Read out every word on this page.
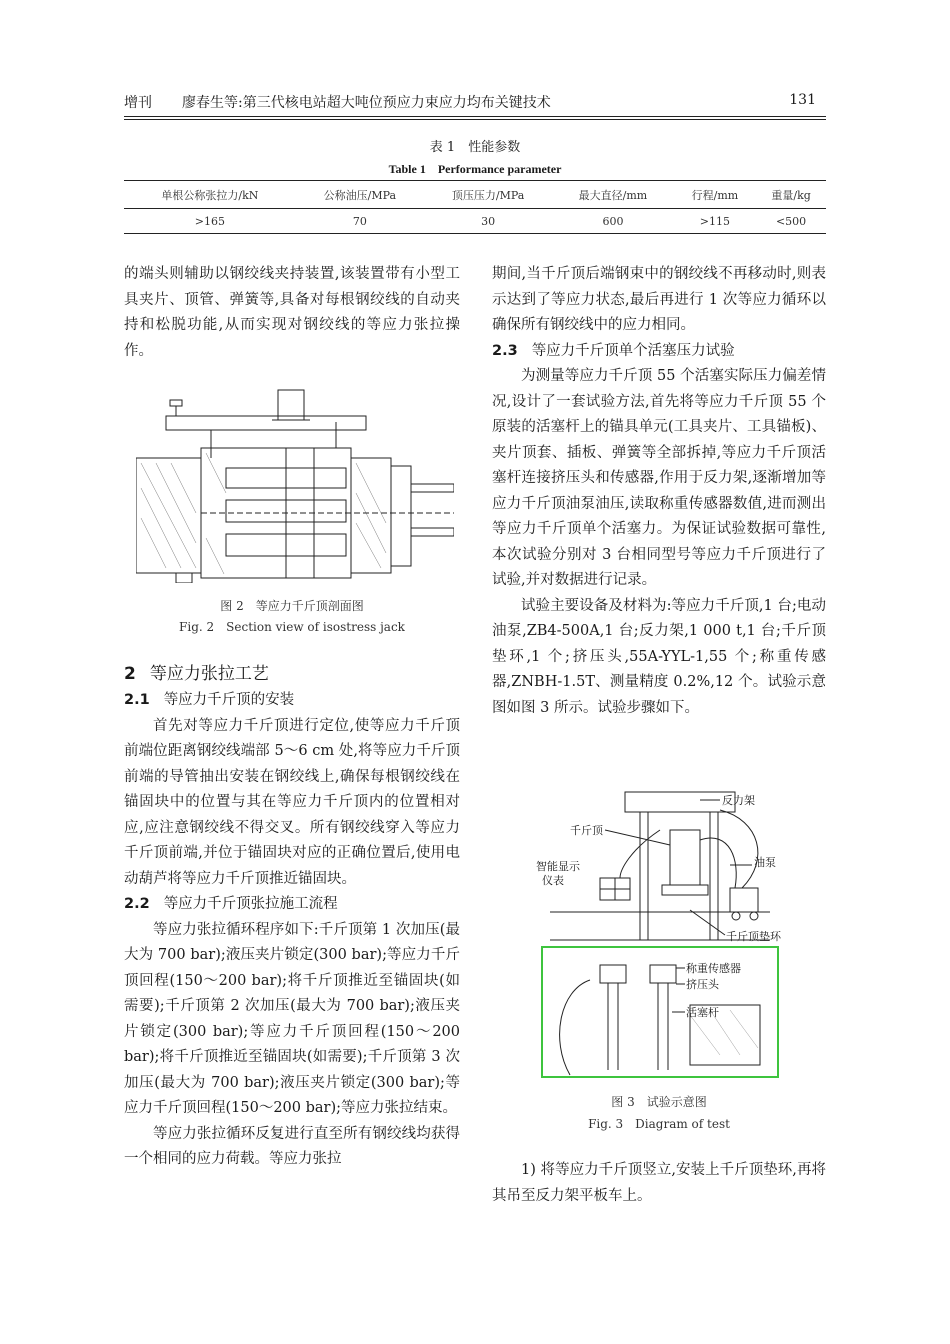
增刊 廖春生等:第三代核电站超大吨位预应力束应力均布关键技术	131
表 1　性能参数
Table 1　Performance parameter
单根公称张拉力/kN	公称油压/MPa	顶压压力/MPa	最大直径/mm	行程/mm	重量/kg
>165	70	30	600	>115	<500

的端头则辅助以钢绞线夹持装置,该装置带有小型工具夹片、顶管、弹簧等,具备对每根钢绞线的自动夹持和松脱功能,从而实现对钢绞线的等应力张拉操作。

图 2　等应力千斤顶剖面图
Fig. 2　Section view of isostress jack

2 等应力张拉工艺

2.1 等应力千斤顶的安装

首先对等应力千斤顶进行定位,使等应力千斤顶前端位距离钢绞线端部 5～6 cm 处,将等应力千斤顶前端的导管抽出安装在钢绞线上,确保每根钢绞线在锚固块中的位置与其在等应力千斤顶内的位置相对应,应注意钢绞线不得交叉。所有钢绞线穿入等应力千斤顶前端,并位于锚固块对应的正确位置后,使用电动葫芦将等应力千斤顶推近锚固块。

2.2 等应力千斤顶张拉施工流程

等应力张拉循环程序如下:千斤顶第 1 次加压(最大为 700 bar);液压夹片锁定(300 bar);等应力千斤顶回程(150～200 bar);将千斤顶推近至锚固块(如需要);千斤顶第 2 次加压(最大为 700 bar);液压夹片锁定(300 bar);等应力千斤顶回程(150～200 bar);将千斤顶推近至锚固块(如需要);千斤顶第 3 次加压(最大为 700 bar);液压夹片锁定(300 bar);等应力千斤顶回程(150～200 bar);等应力张拉结束。

等应力张拉循环反复进行直至所有钢绞线均获得一个相同的应力荷载。等应力张拉

期间,当千斤顶后端钢束中的钢绞线不再移动时,则表示达到了等应力状态,最后再进行 1 次等应力循环以确保所有钢绞线中的应力相同。

2.3 等应力千斤顶单个活塞压力试验

为测量等应力千斤顶 55 个活塞实际压力偏差情况,设计了一套试验方法,首先将等应力千斤顶 55 个原装的活塞杆上的锚具单元(工具夹片、工具锚板)、夹片顶套、插板、弹簧等全部拆掉,等应力千斤顶活塞杆连接挤压头和传感器,作用于反力架,逐渐增加等应力千斤顶油泵油压,读取称重传感器数值,进而测出等应力千斤顶单个活塞力。为保证试验数据可靠性,本次试验分别对 3 台相同型号等应力千斤顶进行了试验,并对数据进行记录。

试验主要设备及材料为:等应力千斤顶,1 台;电动油泵,ZB4-500A,1 台;反力架,1 000 t,1 台;千斤顶垫环,1 个;挤压头,55A-YYL-1,55 个;称重传感器,ZNBH-1.5T、测量精度 0.2%,12 个。试验示意图如图 3 所示。试验步骤如下。

反力架
千斤顶
智能显示
仪表
油泵
千斤顶垫环
称重传感器
挤压头
活塞杆
图 3　试验示意图
Fig. 3　Diagram of test

1) 将等应力千斤顶竖立,安装上千斤顶垫环,再将其吊至反力架平板车上。
